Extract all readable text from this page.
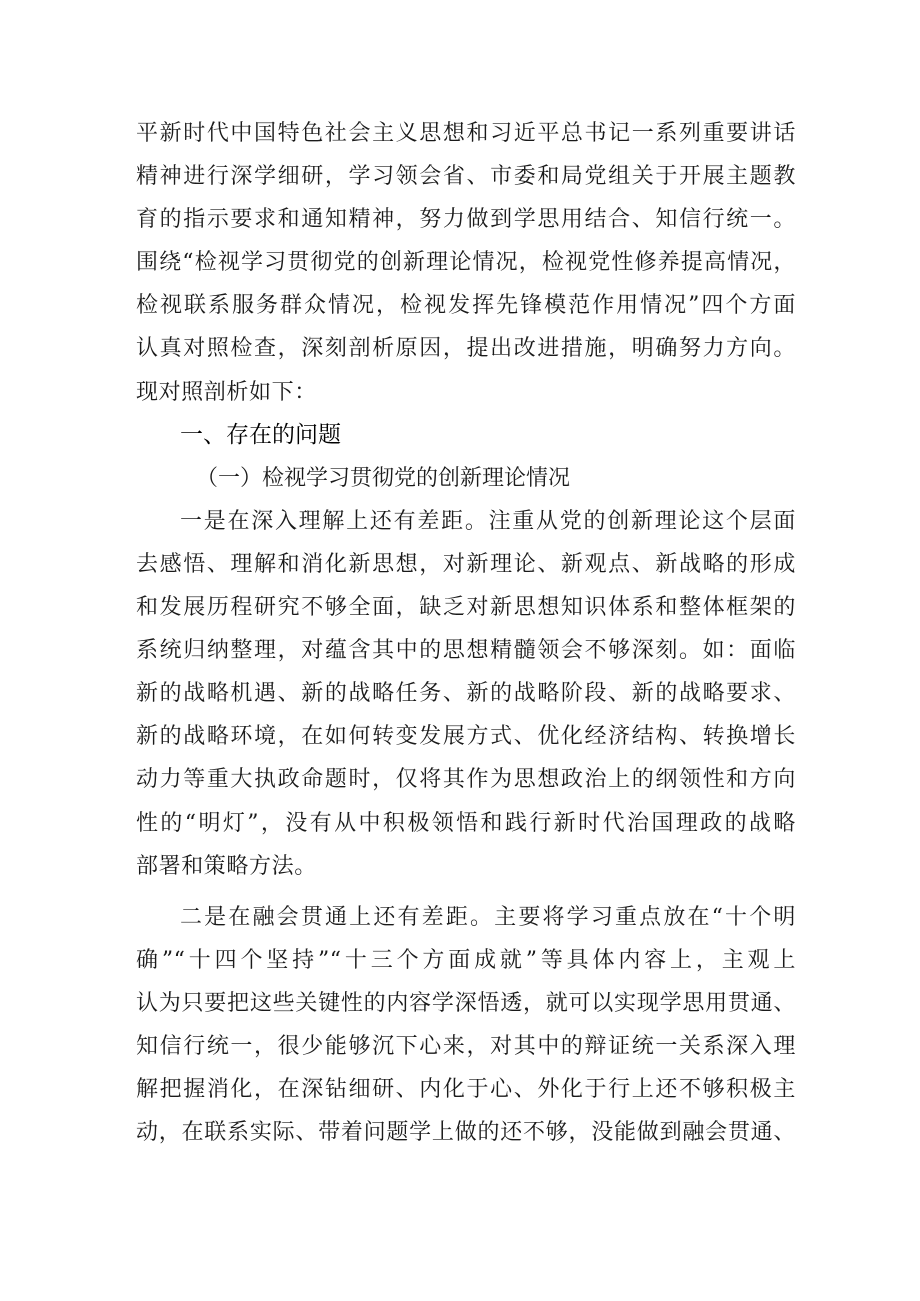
平新时代中国特色社会主义思想和习近平总书记一系列重要讲话
精神进行深学细研，学习领会省、市委和局党组关于开展主题教
育的指示要求和通知精神，努力做到学思用结合、知信行统一。
围绕“检视学习贯彻党的创新理论情况，检视党性修养提高情况，
检视联系服务群众情况，检视发挥先锋模范作用情况”四个方面
认真对照检查，深刻剖析原因，提出改进措施，明确努力方向。
现对照剖析如下：
一、存在的问题
（一）检视学习贯彻党的创新理论情况
一是在深入理解上还有差距。注重从党的创新理论这个层面
去感悟、理解和消化新思想，对新理论、新观点、新战略的形成
和发展历程研究不够全面，缺乏对新思想知识体系和整体框架的
系统归纳整理，对蕴含其中的思想精髓领会不够深刻。如：面临
新的战略机遇、新的战略任务、新的战略阶段、新的战略要求、
新的战略环境，在如何转变发展方式、优化经济结构、转换增长
动力等重大执政命题时，仅将其作为思想政治上的纲领性和方向
性的“明灯”，没有从中积极领悟和践行新时代治国理政的战略
部署和策略方法。
二是在融会贯通上还有差距。主要将学习重点放在“十个明
确”“十四个坚持”“十三个方面成就”等具体内容上，主观上
认为只要把这些关键性的内容学深悟透，就可以实现学思用贯通、
知信行统一，很少能够沉下心来，对其中的辩证统一关系深入理
解把握消化，在深钻细研、内化于心、外化于行上还不够积极主
动，在联系实际、带着问题学上做的还不够，没能做到融会贯通、
